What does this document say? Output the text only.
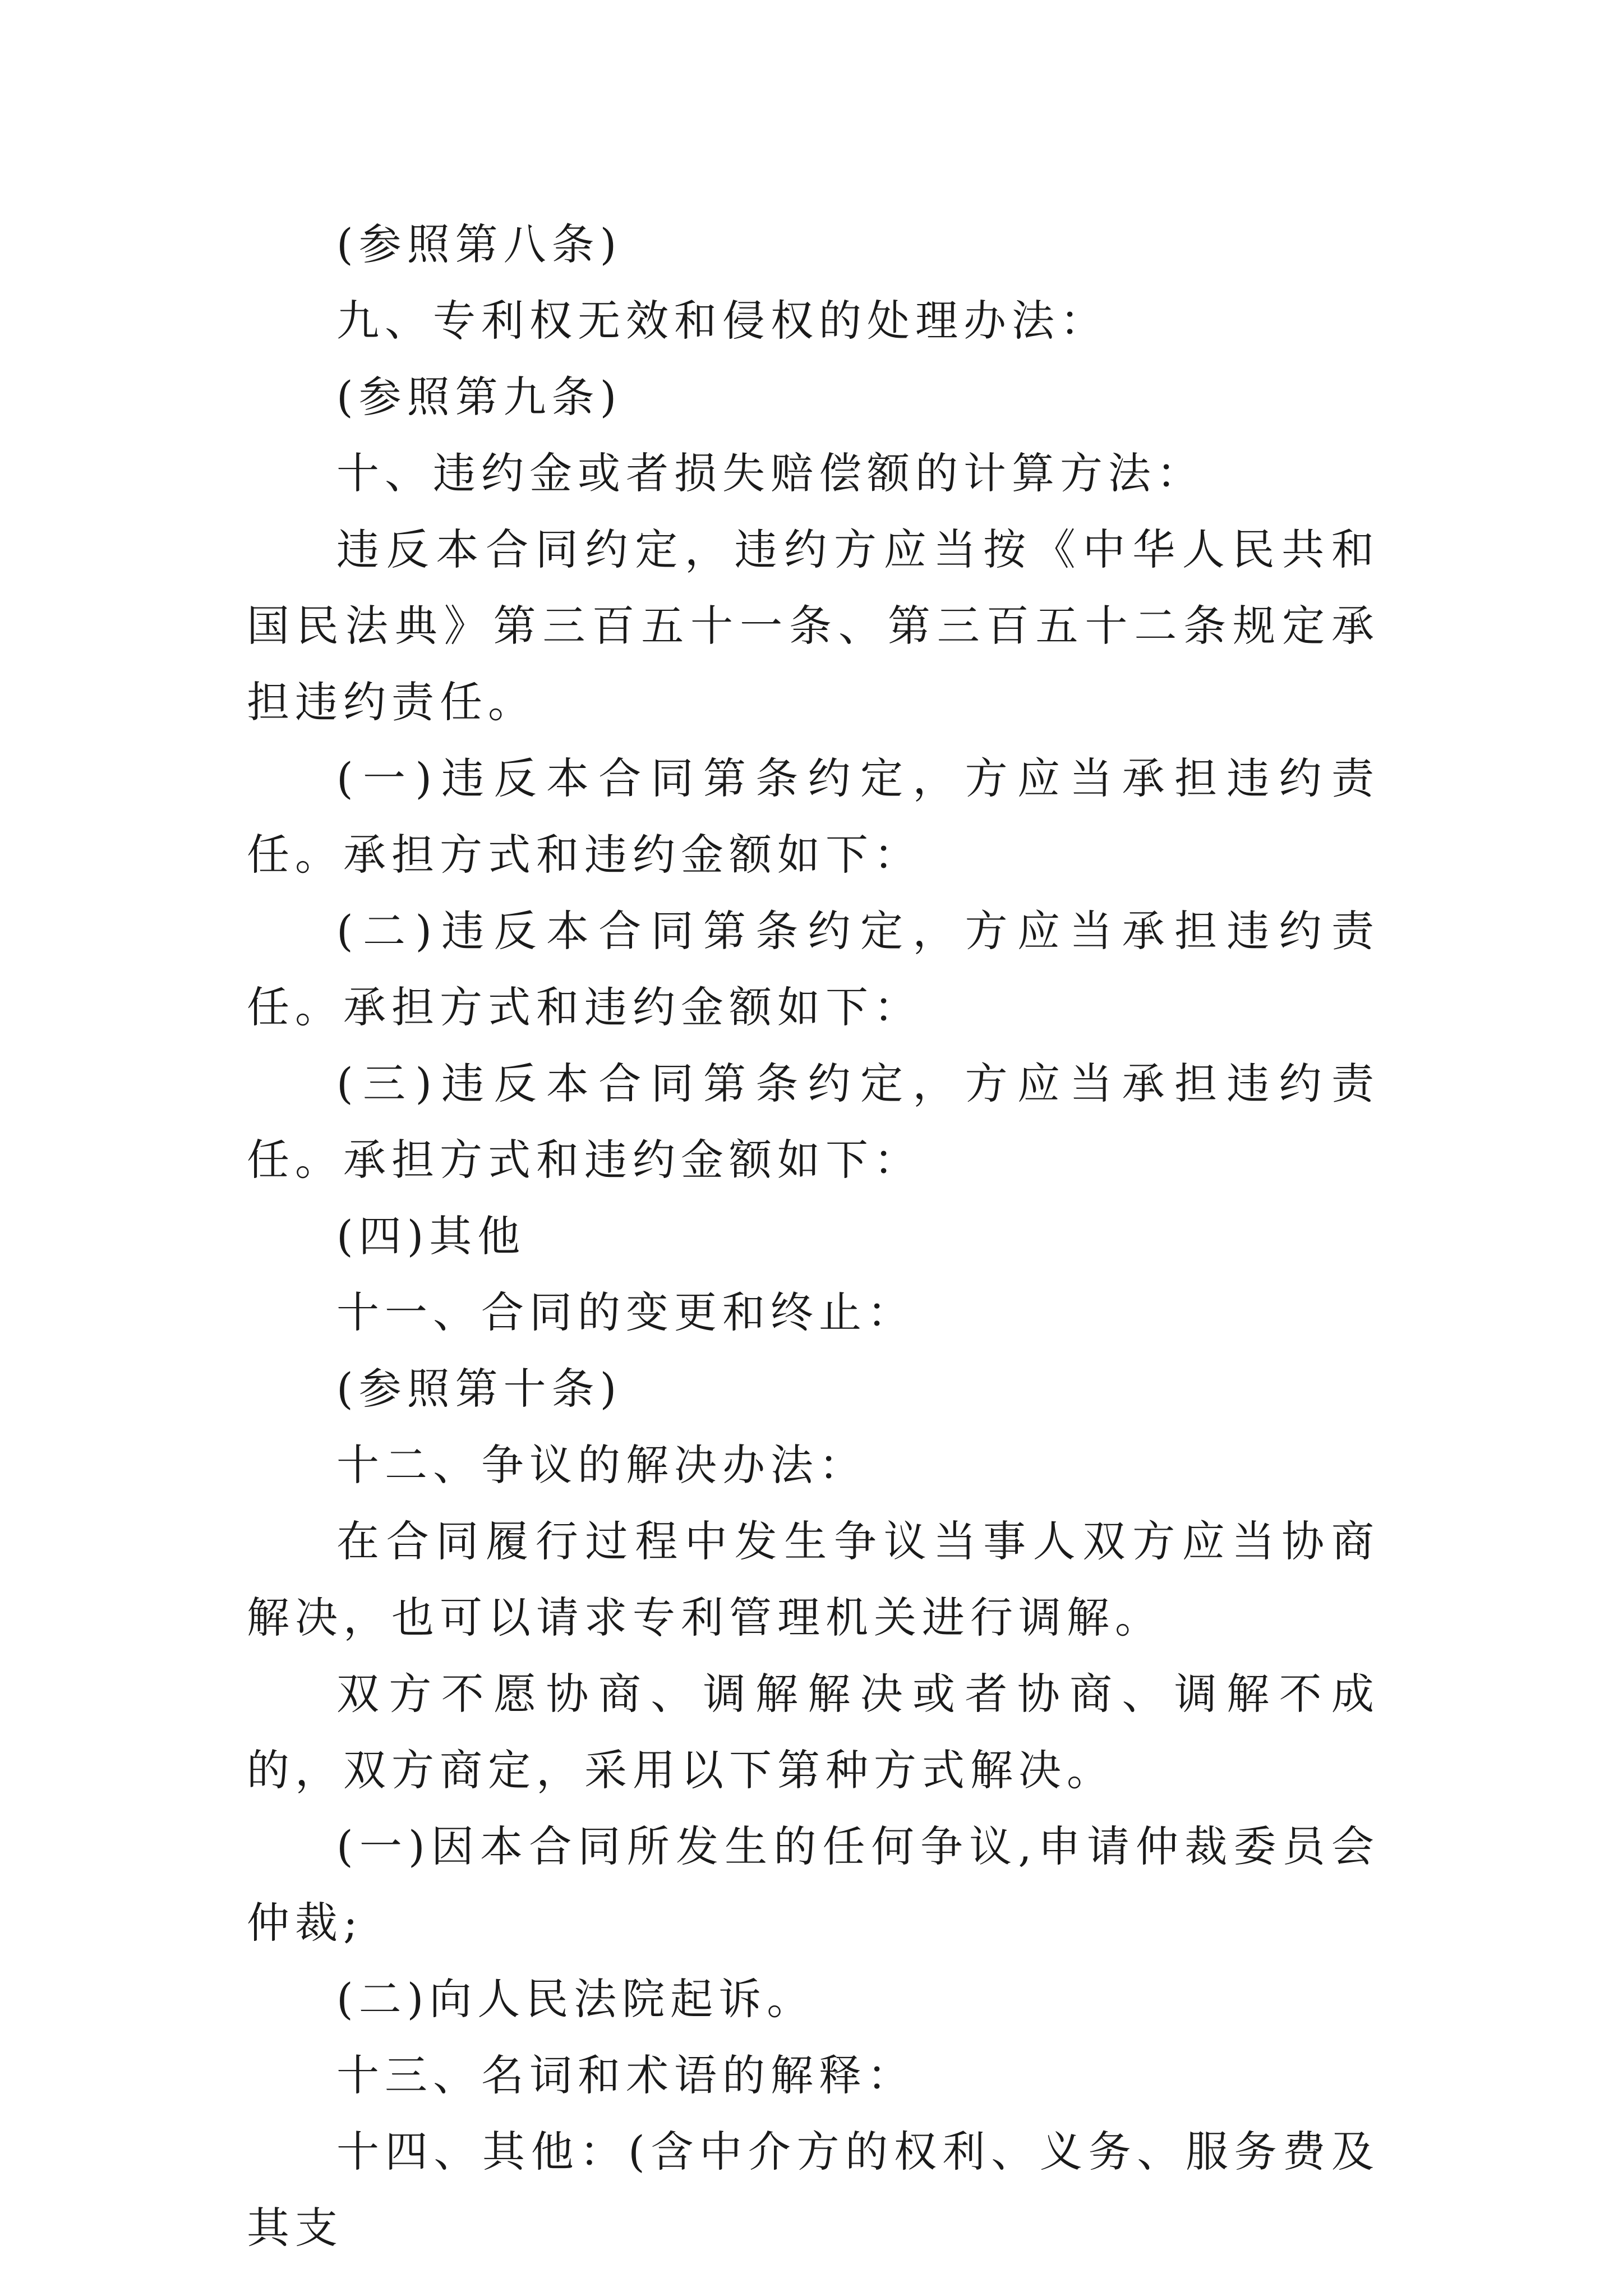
(参照第八条)

九、专利权无效和侵权的处理办法：

(参照第九条)

十、违约金或者损失赔偿额的计算方法：

违反本合同约定，违约方应当按《中华人民共和国民法典》第三百五十一条、第三百五十二条规定承担违约责任。

(一)违反本合同第条约定，方应当承担违约责任。承担方式和违约金额如下：

(二)违反本合同第条约定，方应当承担违约责任。承担方式和违约金额如下：

(三)违反本合同第条约定，方应当承担违约责任。承担方式和违约金额如下：

(四)其他

十一、合同的变更和终止：

(参照第十条)

十二、争议的解决办法：

在合同履行过程中发生争议当事人双方应当协商解决，也可以请求专利管理机关进行调解。

双方不愿协商、调解解决或者协商、调解不成的，双方商定，采用以下第种方式解决。

(一)因本合同所发生的任何争议,申请仲裁委员会仲裁;

(二)向人民法院起诉。

十三、名词和术语的解释：

十四、其他：(含中介方的权利、义务、服务费及其支
